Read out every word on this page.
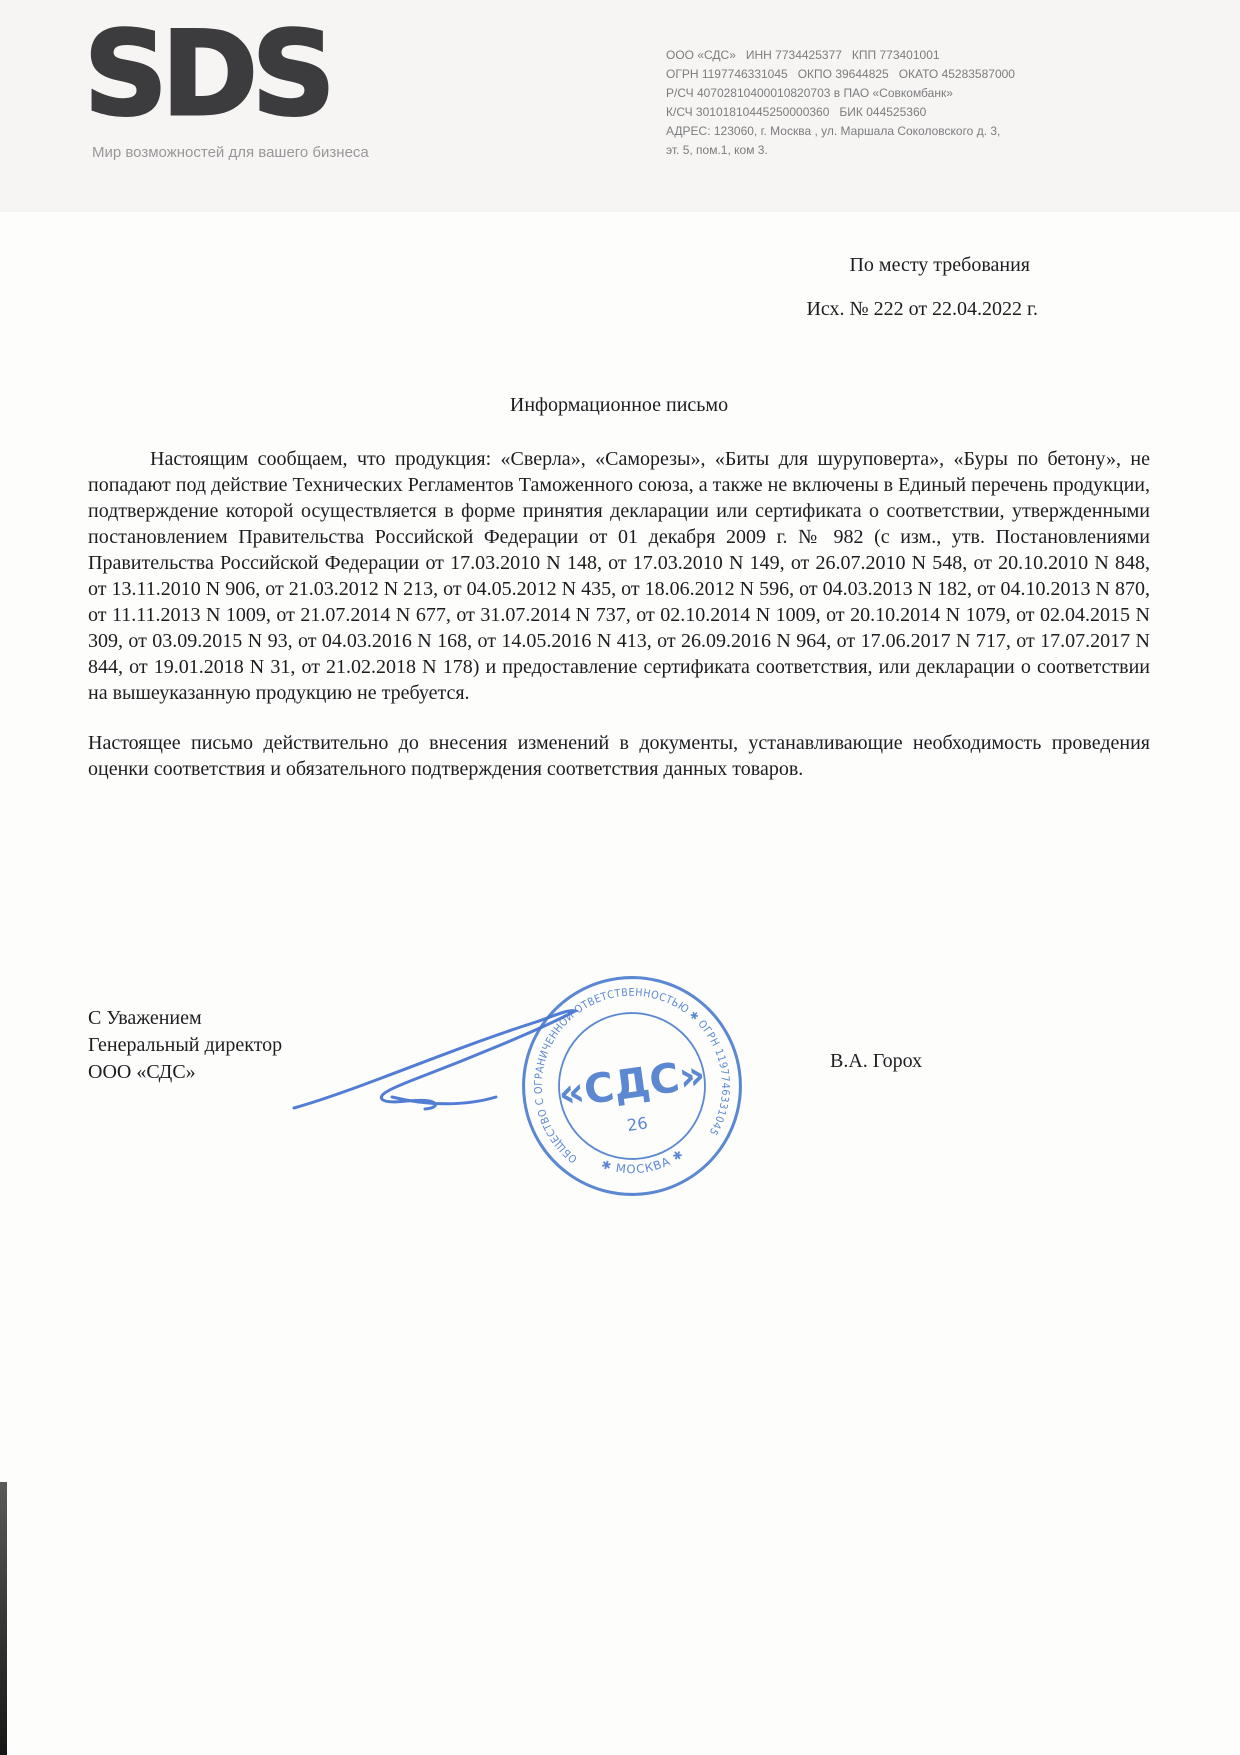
SDS
Мир возможностей для вашего бизнеса
ООО «СДС»   ИНН 7734425377   КПП 773401001
ОГРН 1197746331045   ОКПО 39644825   ОКАТО 45283587000
Р/СЧ 40702810400010820703 в ПАО «Совкомбанк»
К/СЧ 30101810445250000360   БИК 044525360
АДРЕС: 123060, г. Москва , ул. Маршала Соколовского д. 3,
эт. 5, пом.1, ком 3.
По месту требования
Исх. № 222 от 22.04.2022 г.
Информационное письмо
Настоящим сообщаем, что продукция: «Сверла», «Саморезы», «Биты для шуруповерта», «Буры по бетону», не попадают под действие Технических Регламентов Таможенного союза, а также не включены в Единый перечень продукции, подтверждение которой осуществляется в форме принятия декларации или сертификата о соответствии, утвержденными постановлением Правительства Российской Федерации от 01 декабря 2009 г. № 982 (с изм., утв. Постановлениями Правительства Российской Федерации от 17.03.2010 N 148, от 17.03.2010 N 149, от 26.07.2010 N 548, от 20.10.2010 N 848, от 13.11.2010 N 906, от 21.03.2012 N 213, от 04.05.2012 N 435, от 18.06.2012 N 596, от 04.03.2013 N 182, от 04.10.2013 N 870, от 11.11.2013 N 1009, от 21.07.2014 N 677, от 31.07.2014 N 737, от 02.10.2014 N 1009, от 20.10.2014 N 1079, от 02.04.2015 N 309, от 03.09.2015 N 93, от 04.03.2016 N 168, от 14.05.2016 N 413, от 26.09.2016 N 964, от 17.06.2017 N 717, от 17.07.2017 N 844, от 19.01.2018 N 31, от 21.02.2018 N 178) и предоставление сертификата соответствия, или декларации о соответствии на вышеуказанную продукцию не требуется.
Настоящее письмо действительно до внесения изменений в документы, устанавливающие необходимость проведения оценки соответствия и обязательного подтверждения соответствия данных товаров.
С Уважением
Генеральный директор
ООО «СДС»
ОБЩЕСТВО С ОГРАНИЧЕННОЙ ОТВЕТСТВЕННОСТЬЮ ✱ ОГРН 1197746331045
✱ МОСКВА ✱
«СДС»
26
В.А. Горох
